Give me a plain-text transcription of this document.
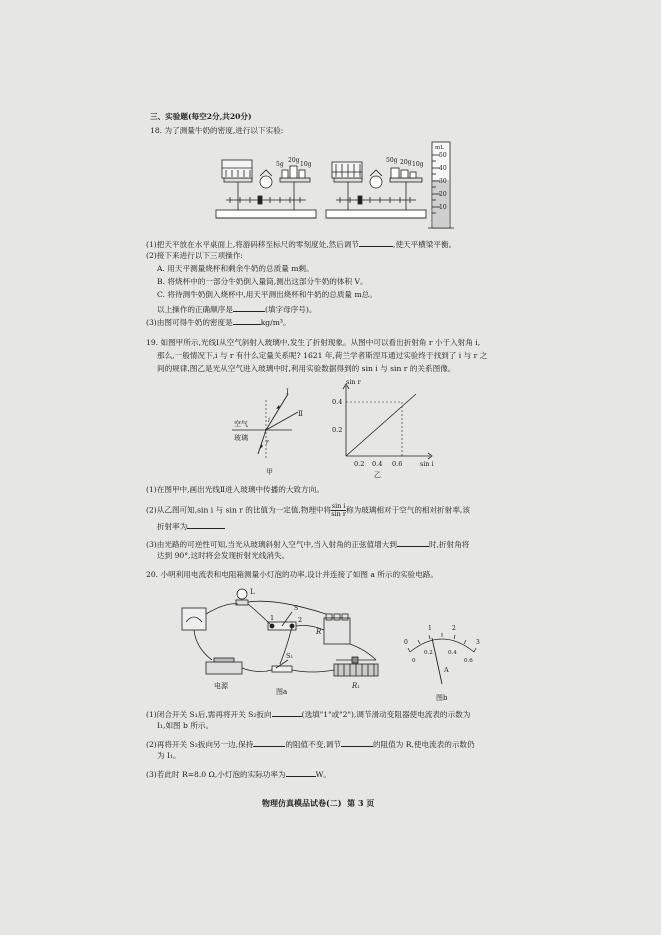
三、实验题(每空2分,共20分)
18. 为了测量牛奶的密度,进行以下实验:
5g
20g
10g
50g 20g 10g
mL
50
40
30
20
10
(1)把天平放在水平桌面上,将游码移至标尺的零刻度处,然后调节	,使天平横梁平衡。
(2)接下来进行以下三项操作:
A. 用天平测量烧杯和剩余牛奶的总质量 m剩。
B. 将烧杯中的一部分牛奶倒入量筒,测出这部分牛奶的体积 V。
C. 将待测牛奶倒入烧杯中,用天平测出烧杯和牛奶的总质量 m总。
以上操作的正确顺序是	(填字母序号)。
(3)由图可得牛奶的密度是	kg/m³。
19. 如图甲所示,光线Ⅰ从空气斜射入玻璃中,发生了折射现象。从图中可以看出折射角 r 小于入射角 i,
那么,一般情况下,i 与 r 有什么定量关系呢? 1621 年,荷兰学者斯涅耳通过实验终于找到了 i 与 r 之
间的规律,图乙是光从空气进入玻璃中时,利用实验数据得到的 sin i 与 sin r 的关系图像。
空气
玻璃
Ⅰ
Ⅱ
i
r
甲
sin r
sin i
0.4
0.2
0.2 0.4 0.6
乙
(1)在图甲中,画出光线Ⅱ进入玻璃中传播的大致方向。
(2)从乙图可知,sin i 与 sin r 的比值为一定值,物理中将 $\frac{\text{sin i}}{\text{sin r}}$ 称为玻璃相对于空气的相对折射率,该
折射率为
(3)由光路的可逆性可知,当光从玻璃斜射入空气中,当入射角的正弦值增大到	时,折射角将
达到 90°,这时将会发现折射光线消失。
20. 小明利用电流表和电阻箱测量小灯泡的功率,设计并连接了如图 a 所示的实验电路。
L
S
1	2
R
S₁
R₁
电源
图a
0
1	2
3
0
0.2	0.4
0.6
A
图b
(1)闭合开关 S₁后,需再将开关 S₂扳向	(选填"1"或"2"),调节滑动变阻器使电流表的示数为
I₁,如图 b 所示。
(2)再将开关 S₂扳向另一边,保持	的阻值不变,调节	的阻值为 R,使电流表的示数仍
为 I₁。
(3)若此时 R=8.0 Ω,小灯泡的实际功率为	W。
物理仿真模品试卷(二) 第 3 页
